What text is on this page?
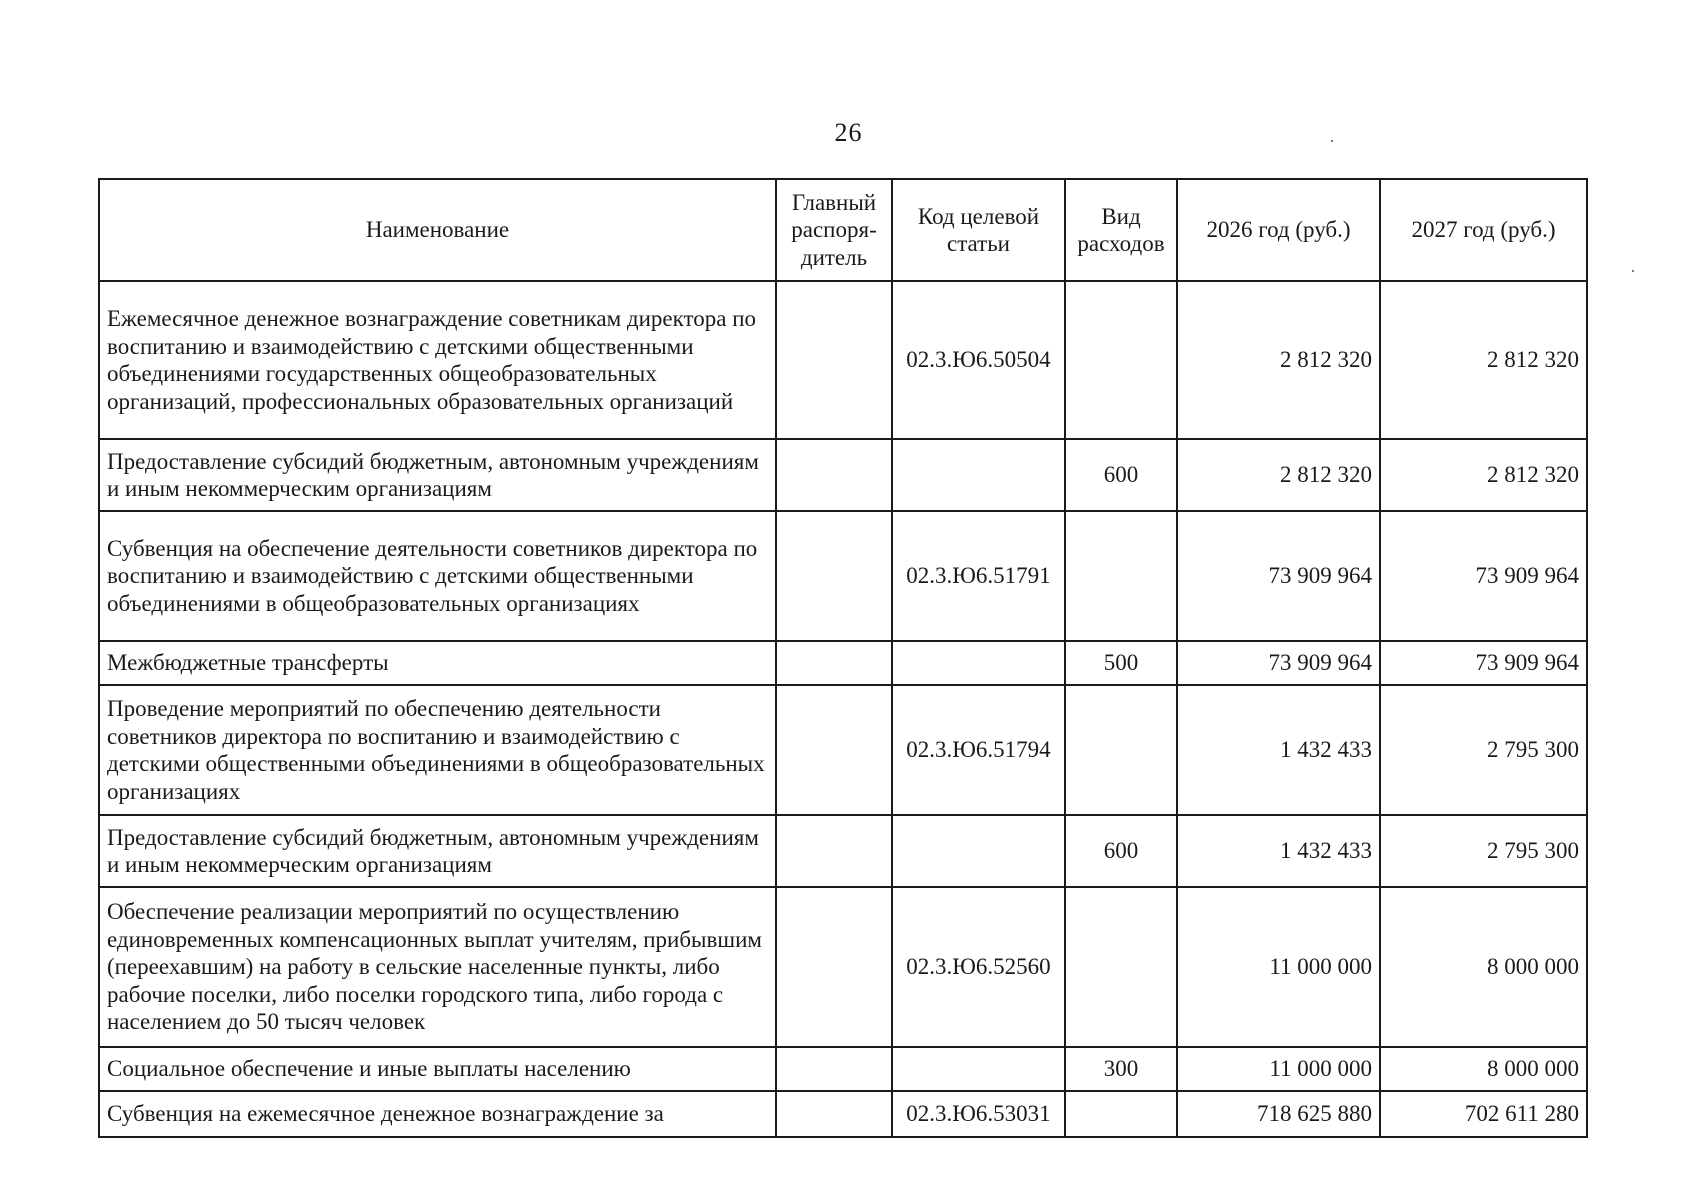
26
Наименование	Главный распоря-дитель	Код целевой статьи	Вид расходов	2026 год (руб.)	2027 год (руб.)
Ежемесячное денежное вознаграждение советникам директора по воспитанию и взаимодействию с детскими общественными объединениями государственных общеобразовательных организаций, профессиональных образовательных организаций		02.3.Ю6.50504		2 812 320	2 812 320
Предоставление субсидий бюджетным, автономным учреждениям и иным некоммерческим организациям			600	2 812 320	2 812 320
Субвенция на обеспечение деятельности советников директора по воспитанию и взаимодействию с детскими общественными объединениями в общеобразовательных организациях		02.3.Ю6.51791		73 909 964	73 909 964
Межбюджетные трансферты			500	73 909 964	73 909 964
Проведение мероприятий по обеспечению деятельности советников директора по воспитанию и взаимодействию с детскими общественными объединениями в общеобразовательных организациях		02.3.Ю6.51794		1 432 433	2 795 300
Предоставление субсидий бюджетным, автономным учреждениям и иным некоммерческим организациям			600	1 432 433	2 795 300
Обеспечение реализации мероприятий по осуществлению единовременных компенсационных выплат учителям, прибывшим (переехавшим) на работу в сельские населенные пункты, либо рабочие поселки, либо поселки городского типа, либо города с населением до 50 тысяч человек		02.3.Ю6.52560		11 000 000	8 000 000
Социальное обеспечение и иные выплаты населению			300	11 000 000	8 000 000
Субвенция на ежемесячное денежное вознаграждение за		02.3.Ю6.53031		718 625 880	702 611 280
